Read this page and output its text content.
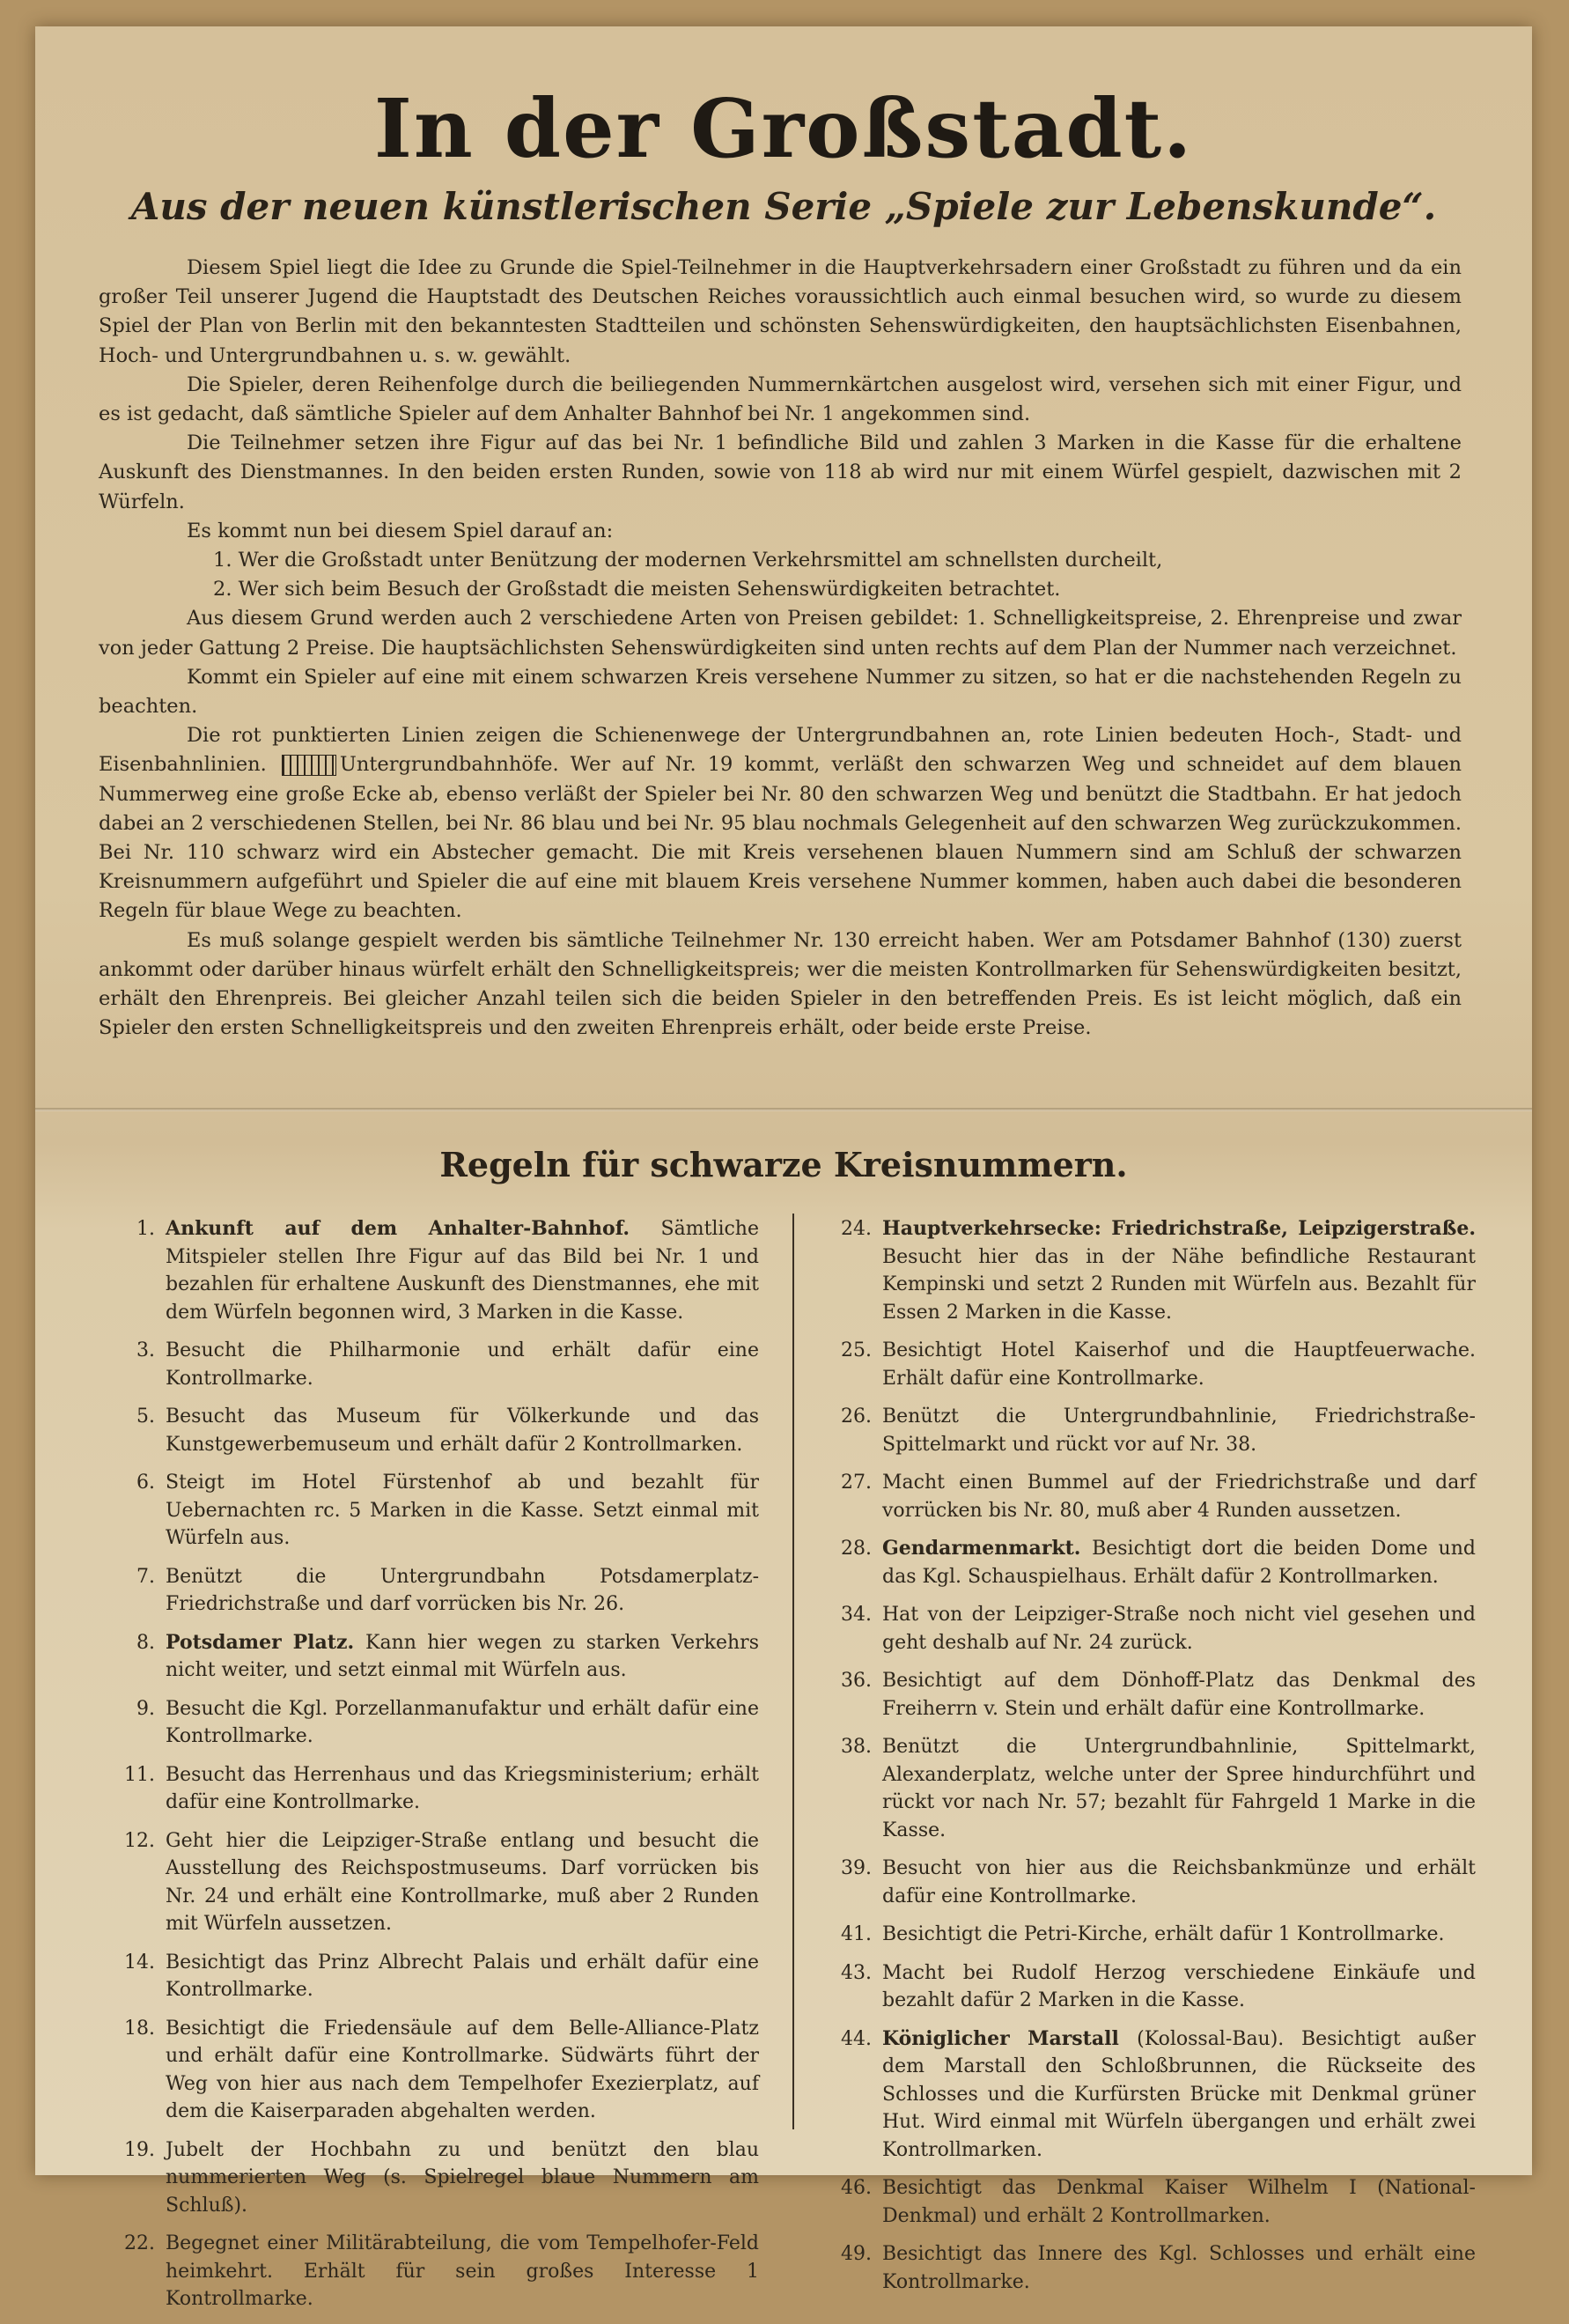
In der Großstadt.
Aus der neuen künstlerischen Serie „Spiele zur Lebenskunde“.

Diesem Spiel liegt die Idee zu Grunde die Spiel-Teilnehmer in die Hauptverkehrsadern einer Großstadt zu führen und da ein großer Teil unserer Jugend die Hauptstadt des Deutschen Reiches voraussichtlich auch einmal besuchen wird, so wurde zu diesem Spiel der Plan von Berlin mit den bekanntesten Stadtteilen und schönsten Sehenswürdigkeiten, den hauptsächlichsten Eisenbahnen, Hoch- und Untergrundbahnen u. s. w. gewählt.

Die Spieler, deren Reihenfolge durch die beiliegenden Nummernkärtchen ausgelost wird, versehen sich mit einer Figur, und es ist gedacht, daß sämtliche Spieler auf dem Anhalter Bahnhof bei Nr. 1 angekommen sind.

Die Teilnehmer setzen ihre Figur auf das bei Nr. 1 befindliche Bild und zahlen 3 Marken in die Kasse für die erhaltene Auskunft des Dienstmannes. In den beiden ersten Runden, sowie von 118 ab wird nur mit einem Würfel gespielt, dazwischen mit 2 Würfeln.

Es kommt nun bei diesem Spiel darauf an:

1. Wer die Großstadt unter Benützung der modernen Verkehrsmittel am schnellsten durcheilt,

2. Wer sich beim Besuch der Großstadt die meisten Sehenswürdigkeiten betrachtet.

Aus diesem Grund werden auch 2 verschiedene Arten von Preisen gebildet: 1. Schnelligkeitspreise, 2. Ehrenpreise und zwar von jeder Gattung 2 Preise. Die hauptsächlichsten Sehenswürdigkeiten sind unten rechts auf dem Plan der Nummer nach verzeichnet.

Kommt ein Spieler auf eine mit einem schwarzen Kreis versehene Nummer zu sitzen, so hat er die nachstehenden Regeln zu beachten.

Die rot punktierten Linien zeigen die Schienenwege der Untergrundbahnen an, rote Linien bedeuten Hoch-, Stadt- und Eisenbahnlinien.	Untergrundbahnhöfe. Wer auf Nr. 19 kommt, verläßt den schwarzen Weg und schneidet auf dem blauen Nummerweg eine große Ecke ab, ebenso verläßt der Spieler bei Nr. 80 den schwarzen Weg und benützt die Stadtbahn. Er hat jedoch dabei an 2 verschiedenen Stellen, bei Nr. 86 blau und bei Nr. 95 blau nochmals Gelegenheit auf den schwarzen Weg zurückzukommen. Bei Nr. 110 schwarz wird ein Abstecher gemacht. Die mit Kreis versehenen blauen Nummern sind am Schluß der schwarzen Kreisnummern aufgeführt und Spieler die auf eine mit blauem Kreis versehene Nummer kommen, haben auch dabei die besonderen Regeln für blaue Wege zu beachten.

Es muß solange gespielt werden bis sämtliche Teilnehmer Nr. 130 erreicht haben. Wer am Potsdamer Bahnhof (130) zuerst ankommt oder darüber hinaus würfelt erhält den Schnelligkeitspreis; wer die meisten Kontrollmarken für Sehenswürdigkeiten besitzt, erhält den Ehrenpreis. Bei gleicher Anzahl teilen sich die beiden Spieler in den betreffenden Preis. Es ist leicht möglich, daß ein Spieler den ersten Schnelligkeitspreis und den zweiten Ehrenpreis erhält, oder beide erste Preise.

Regeln für schwarze Kreisnummern.
1. Ankunft auf dem Anhalter-Bahnhof. Sämtliche Mitspieler stellen Ihre Figur auf das Bild bei Nr. 1 und bezahlen für erhaltene Auskunft des Dienstmannes, ehe mit dem Würfeln begonnen wird, 3 Marken in die Kasse.
3. Besucht die Philharmonie und erhält dafür eine Kontrollmarke.
5. Besucht das Museum für Völkerkunde und das Kunstgewerbemuseum und erhält dafür 2 Kontrollmarken.
6. Steigt im Hotel Fürstenhof ab und bezahlt für Uebernachten rc. 5 Marken in die Kasse. Setzt einmal mit Würfeln aus.
7. Benützt die Untergrundbahn Potsdamerplatz-Friedrichstraße und darf vorrücken bis Nr. 26.
8. Potsdamer Platz. Kann hier wegen zu starken Verkehrs nicht weiter, und setzt einmal mit Würfeln aus.
9. Besucht die Kgl. Porzellanmanufaktur und erhält dafür eine Kontrollmarke.
11. Besucht das Herrenhaus und das Kriegsministerium; erhält dafür eine Kontrollmarke.
12. Geht hier die Leipziger-Straße entlang und besucht die Ausstellung des Reichspostmuseums. Darf vorrücken bis Nr. 24 und erhält eine Kontrollmarke, muß aber 2 Runden mit Würfeln aussetzen.
14. Besichtigt das Prinz Albrecht Palais und erhält dafür eine Kontrollmarke.
18. Besichtigt die Friedensäule auf dem Belle-Alliance-Platz und erhält dafür eine Kontrollmarke. Südwärts führt der Weg von hier aus nach dem Tempelhofer Exezierplatz, auf dem die Kaiserparaden abgehalten werden.
19. Jubelt der Hochbahn zu und benützt den blau nummerierten Weg (s. Spielregel blaue Nummern am Schluß).
22. Begegnet einer Militärabteilung, die vom Tempelhofer-Feld heimkehrt. Erhält für sein großes Interesse 1 Kontrollmarke.
24. Hauptverkehrsecke: Friedrichstraße, Leipzigerstraße. Besucht hier das in der Nähe befindliche Restaurant Kempinski und setzt 2 Runden mit Würfeln aus. Bezahlt für Essen 2 Marken in die Kasse.
25. Besichtigt Hotel Kaiserhof und die Hauptfeuerwache. Erhält dafür eine Kontrollmarke.
26. Benützt die Untergrundbahnlinie, Friedrichstraße-Spittelmarkt und rückt vor auf Nr. 38.
27. Macht einen Bummel auf der Friedrichstraße und darf vorrücken bis Nr. 80, muß aber 4 Runden aussetzen.
28. Gendarmenmarkt. Besichtigt dort die beiden Dome und das Kgl. Schauspielhaus. Erhält dafür 2 Kontrollmarken.
34. Hat von der Leipziger-Straße noch nicht viel gesehen und geht deshalb auf Nr. 24 zurück.
36. Besichtigt auf dem Dönhoff-Platz das Denkmal des Freiherrn v. Stein und erhält dafür eine Kontrollmarke.
38. Benützt die Untergrundbahnlinie, Spittelmarkt, Alexanderplatz, welche unter der Spree hindurchführt und rückt vor nach Nr. 57; bezahlt für Fahrgeld 1 Marke in die Kasse.
39. Besucht von hier aus die Reichsbankmünze und erhält dafür eine Kontrollmarke.
41. Besichtigt die Petri-Kirche, erhält dafür 1 Kontrollmarke.
43. Macht bei Rudolf Herzog verschiedene Einkäufe und bezahlt dafür 2 Marken in die Kasse.
44. Königlicher Marstall (Kolossal-Bau). Besichtigt außer dem Marstall den Schloßbrunnen, die Rückseite des Schlosses und die Kurfürsten Brücke mit Denkmal grüner Hut. Wird einmal mit Würfeln übergangen und erhält zwei Kontrollmarken.
46. Besichtigt das Denkmal Kaiser Wilhelm I (National-Denkmal) und erhält 2 Kontrollmarken.
49. Besichtigt das Innere des Kgl. Schlosses und erhält eine Kontrollmarke.
